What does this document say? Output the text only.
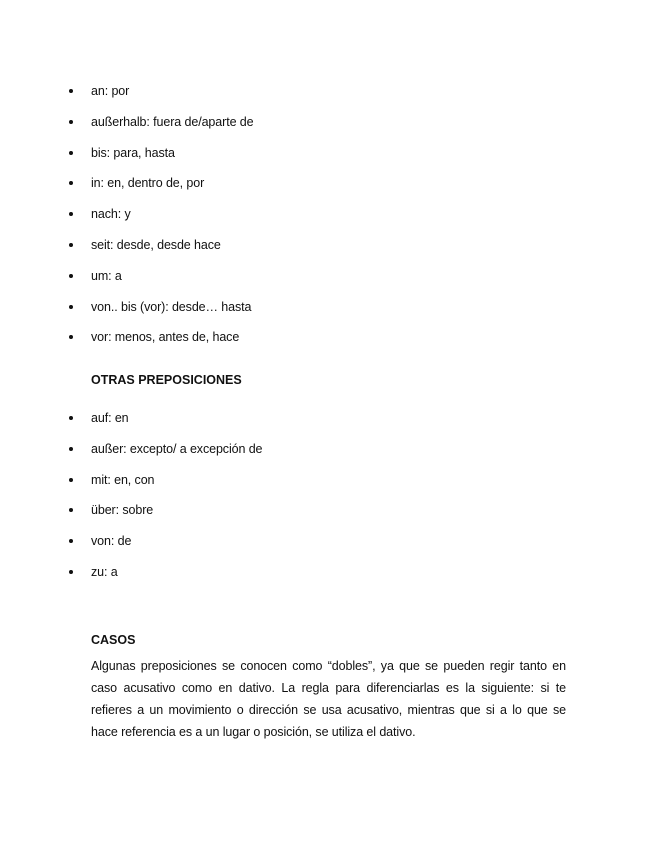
an: por
außerhalb: fuera de/aparte de
bis: para, hasta
in: en, dentro de, por
nach: y
seit: desde, desde hace
um: a
von.. bis (vor): desde… hasta
vor: menos, antes de, hace
OTRAS PREPOSICIONES
auf: en
außer: excepto/ a excepción de
mit: en, con
über: sobre
von: de
zu: a
CASOS

Algunas preposiciones se conocen como “dobles”, ya que se pueden regir tanto en caso acusativo como en dativo. La regla para diferenciarlas es la siguiente: si te refieres a un movimiento o dirección se usa acusativo, mientras que si a lo que se hace referencia es a un lugar o posición, se utiliza el dativo.
